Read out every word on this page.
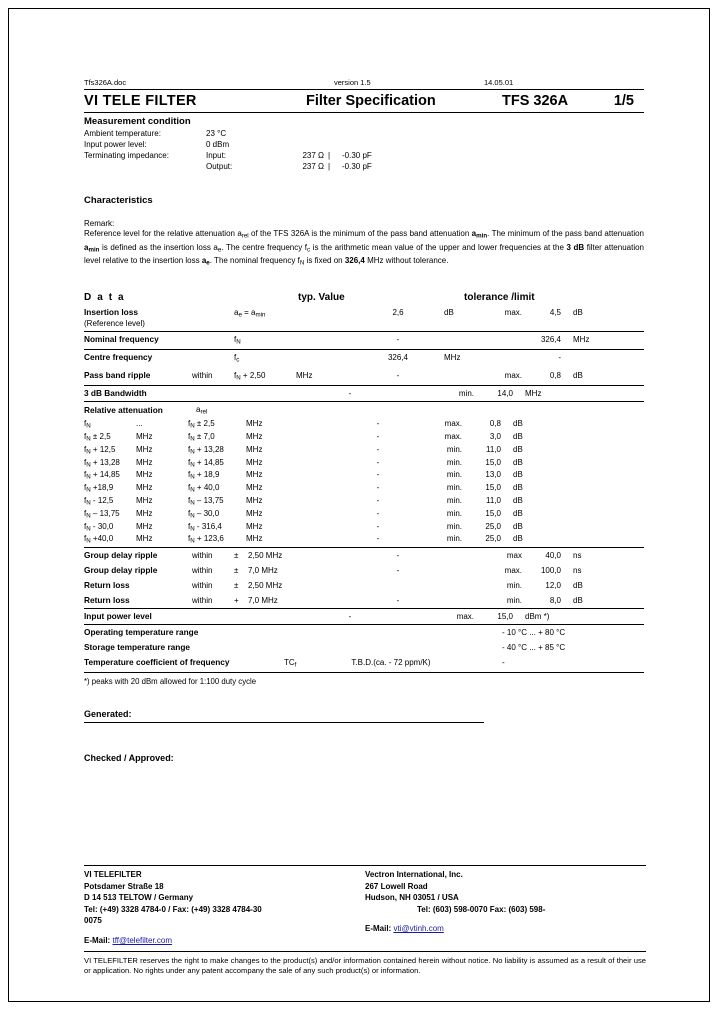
Tfs326A.doc	version 1.5	14.05.01
VI TELE FILTER	Filter Specification	TFS 326A	1/5
Measurement condition
Ambient temperature:	23 °C
Input power level:	0 dBm
Terminating impedance:	Input:	237 Ω |	-0.30 pF
Output:	237 Ω |	-0.30 pF
Characteristics
Remark:
Reference level for the relative attenuation $a_{rel}$ of the TFS 326A is the minimum of the pass band attenuation $a_{min}$. The minimum of the pass band attenuation $a_{min}$ is defined as the insertion loss $a_e$. The centre frequency $f_c$ is the arithmetic mean value of the upper and lower frequencies at the 3 dB filter attenuation level relative to the insertion loss $a_e$. The nominal frequency $f_N$ is fixed on 326,4 MHz without tolerance.
D a t a	typ. Value	tolerance /limit
Insertion loss
(Reference level)
$a_e = a_{min}$	2,6	dB	max.	4,5	dB
Nominal frequency	$f_N$	-	326,4	MHz
Centre frequency	$f_c$	326,4	MHz	-
Pass band ripple	within	$f_N + 2,50$	MHz	-	max.	0,8	dB
3 dB Bandwidth	-	min.	14,0	MHz
Relative attenuation	$a_{rel}$
$f_N$	...	$f_N \pm 2,5$	MHz	-	max.	0,8	dB
$f_N \pm 2,5$	MHz	$f_N \pm 7,0$	MHz	-	max.	3,0	dB
$f_N + 12,5$	MHz	$f_N + 13,28$	MHz	-	min.	11,0	dB
$f_N + 13,28$	MHz	$f_N + 14,85$	MHz	-	min.	15,0	dB
$f_N + 14,85$	MHz	$f_N + 18,9$	MHz	-	min.	13,0	dB
$f_N +18,9$	MHz	$f_N + 40,0$	MHz	-	min.	15,0	dB
$f_N - 12,5$	MHz	$f_N - 13,75$	MHz	-	min.	11,0	dB
$f_N - 13,75$	MHz	$f_N - 30,0$	MHz	-	min.	15,0	dB
$f_N - 30,0$	MHz	$f_N - 316,4$	MHz	-	min.	25,0	dB
$f_N +40,0$	MHz	$f_N + 123,6$	MHz	-	min.	25,0	dB
Group delay ripple	within	±	2,50 MHz	-	max	40,0	ns
Group delay ripple	within	±	7,0 MHz	-	max.	100,0	ns
Return loss	within	±	2,50 MHz	min.	12,0	dB
Return loss	within	+	7,0 MHz	-	min.	8,0	dB
Input power level	-	max.	15,0	dBm *)
Operating temperature range	- 10 °C ... + 80 °C
Storage temperature range	- 40 °C ... + 85 °C
Temperature coefficient of frequency	$TC_f$	T.B.D.(ca. - 72 ppm/K)	-
*) peaks with 20 dBm allowed for 1:100 duty cycle
Generated:
Checked / Approved:
VI TELEFILTER
Potsdamer Straße 18
D 14 513 TELTOW / Germany
Tel: (+49) 3328 4784-0 / Fax: (+49) 3328 4784-30
0075
E-Mail: tff@telefilter.com
Vectron International, Inc.
267 Lowell Road
Hudson, NH 03051 / USA
Tel: (603) 598-0070 Fax: (603) 598-
E-Mail: vti@vtinh.com
VI TELEFILTER reserves the right to make changes to the product(s) and/or information contained herein without notice. No liability is assumed as a result of their use or application. No rights under any patent accompany the sale of any such product(s) or information.
